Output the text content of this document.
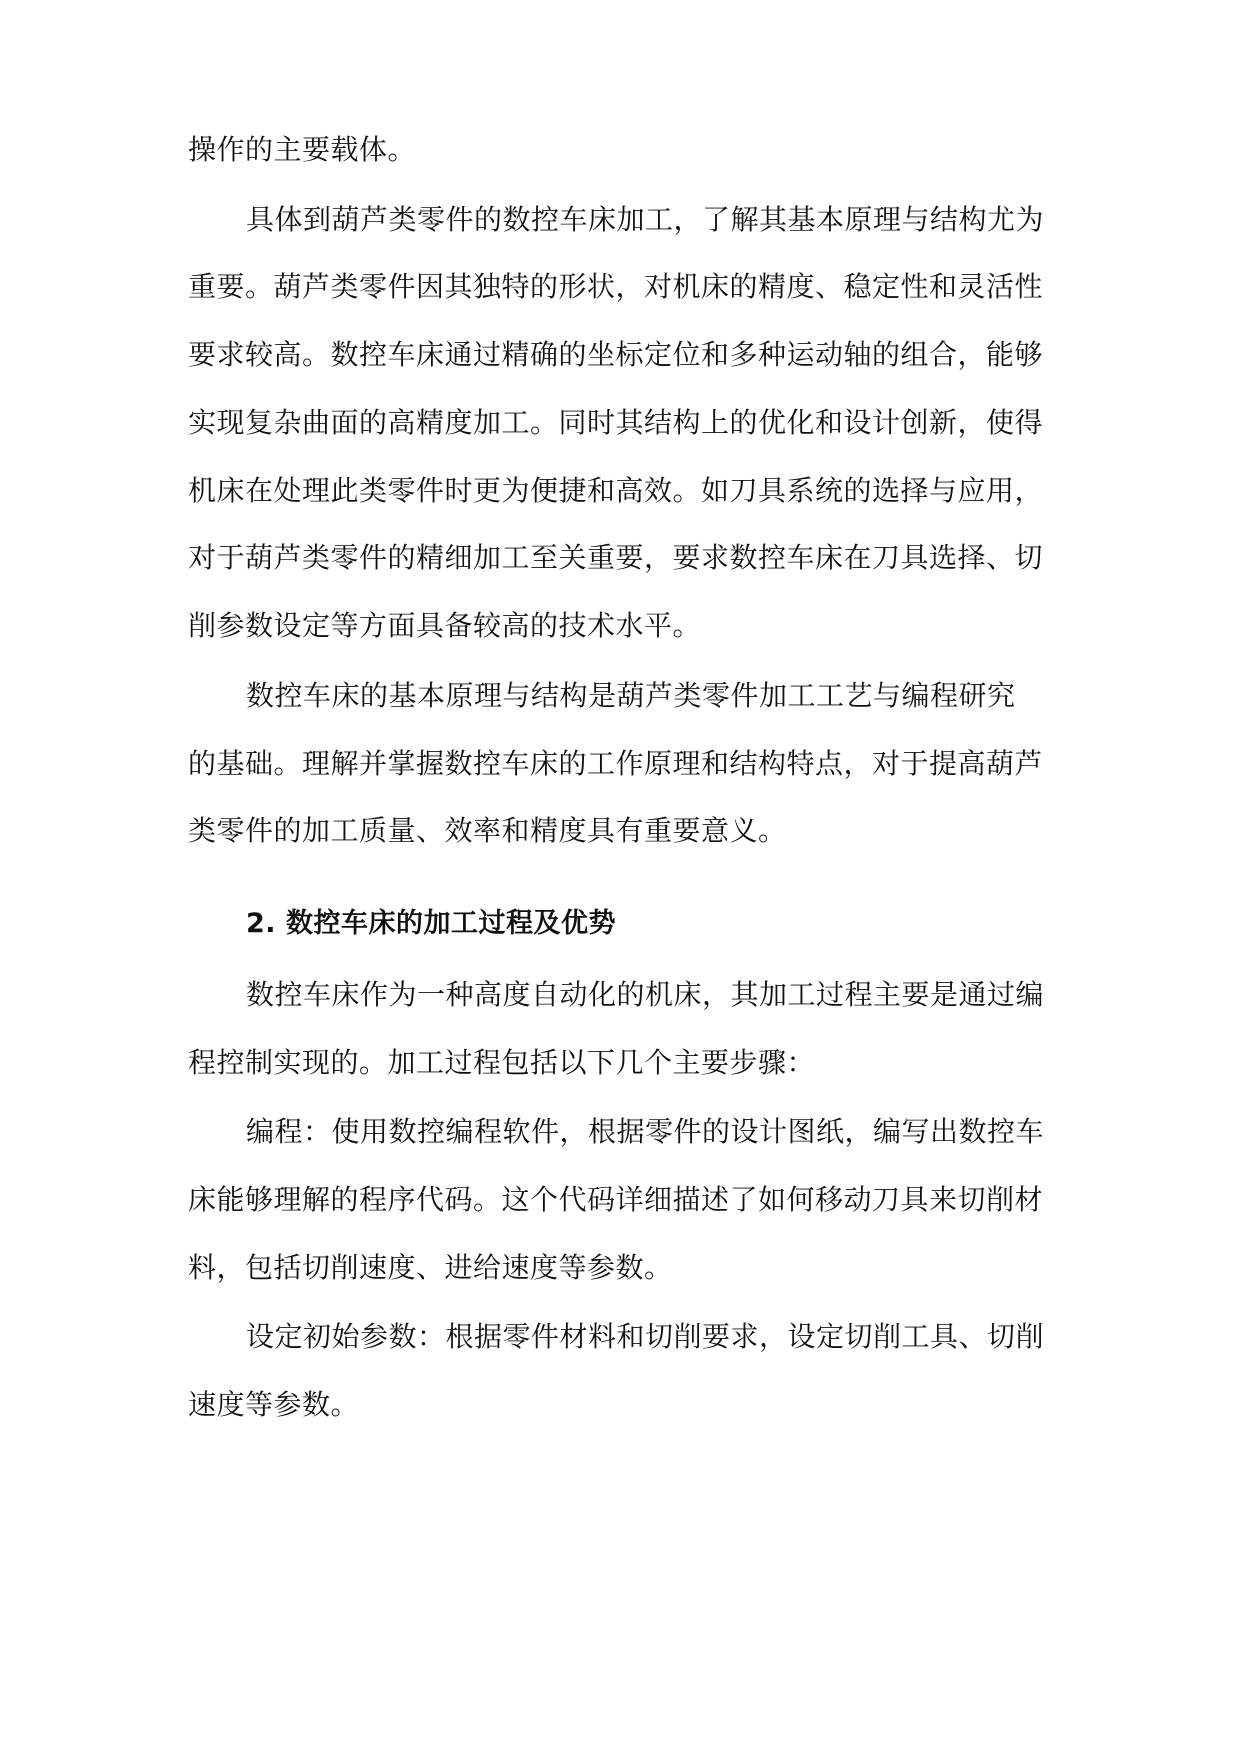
操作的主要载体。
具体到葫芦类零件的数控车床加工，了解其基本原理与结构尤为
重要。葫芦类零件因其独特的形状，对机床的精度、稳定性和灵活性
要求较高。数控车床通过精确的坐标定位和多种运动轴的组合，能够
实现复杂曲面的高精度加工。同时其结构上的优化和设计创新，使得
机床在处理此类零件时更为便捷和高效。如刀具系统的选择与应用，
对于葫芦类零件的精细加工至关重要，要求数控车床在刀具选择、切
削参数设定等方面具备较高的技术水平。
数控车床的基本原理与结构是葫芦类零件加工工艺与编程研究
的基础。理解并掌握数控车床的工作原理和结构特点，对于提高葫芦
类零件的加工质量、效率和精度具有重要意义。
2. 数控车床的加工过程及优势
数控车床作为一种高度自动化的机床，其加工过程主要是通过编
程控制实现的。加工过程包括以下几个主要步骤：
编程：使用数控编程软件，根据零件的设计图纸，编写出数控车
床能够理解的程序代码。这个代码详细描述了如何移动刀具来切削材
料，包括切削速度、进给速度等参数。
设定初始参数：根据零件材料和切削要求，设定切削工具、切削
速度等参数。
